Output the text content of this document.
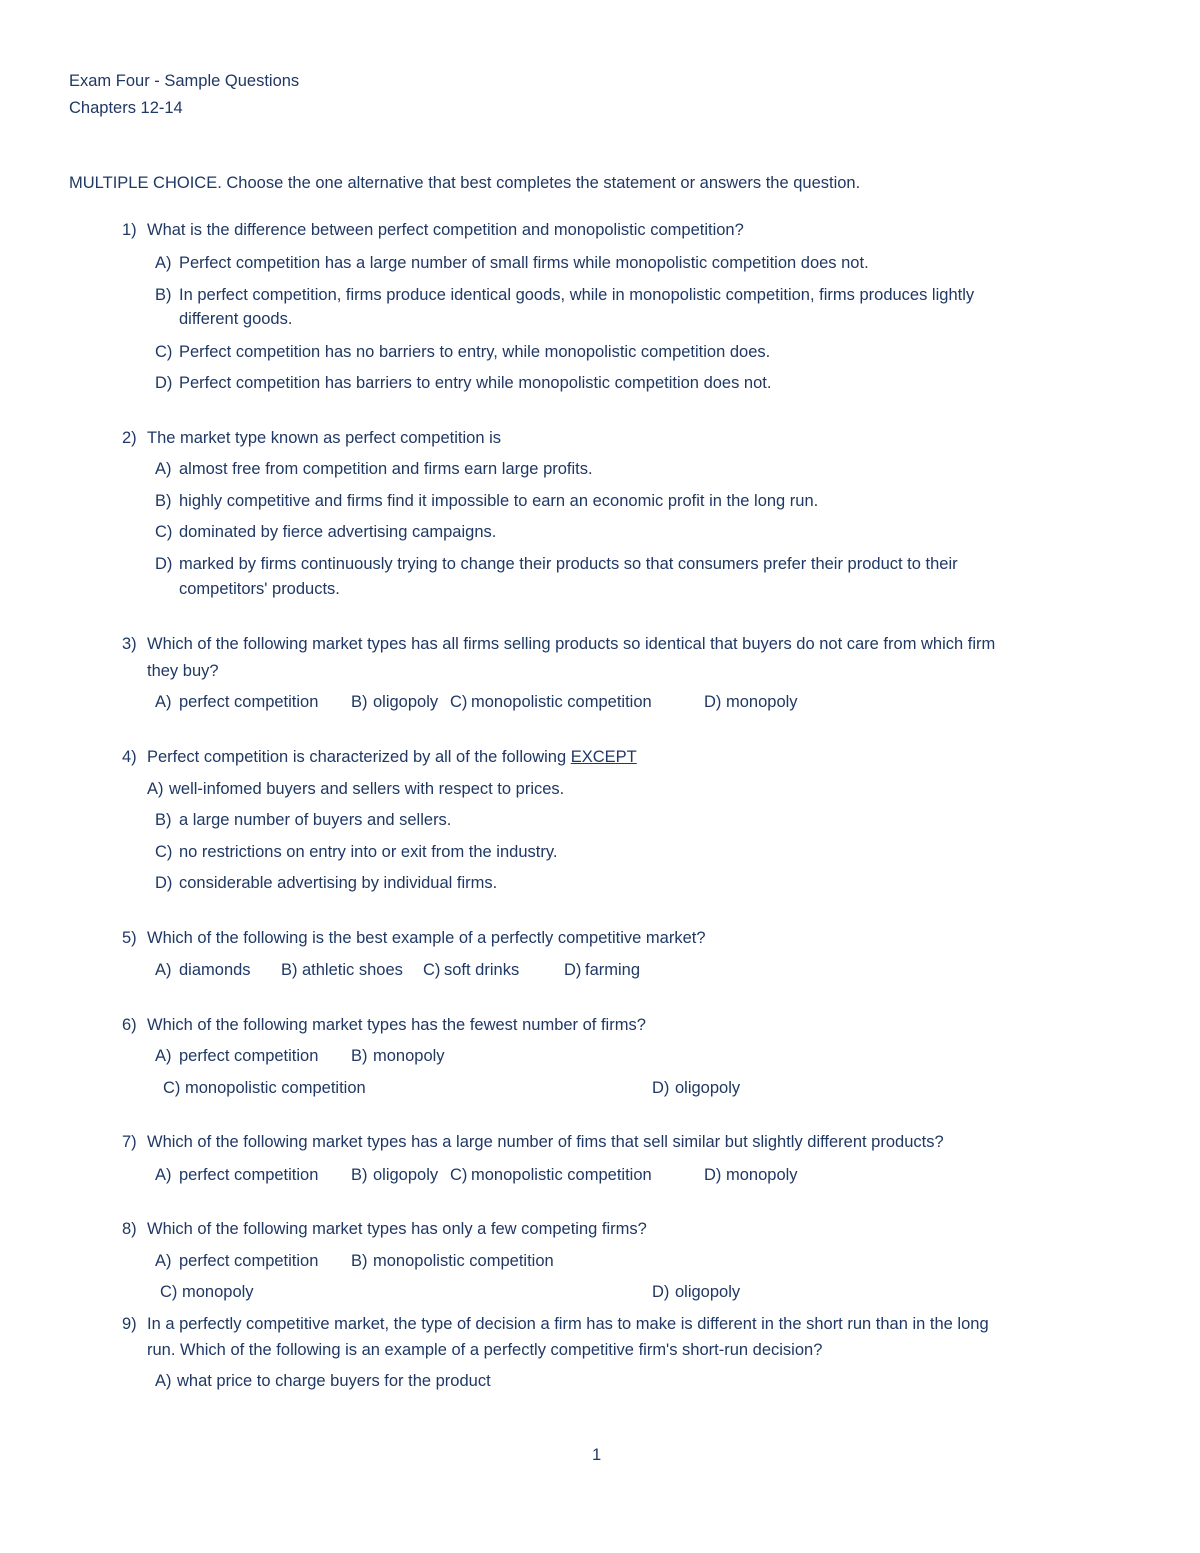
Exam Four - Sample Questions
Chapters 12-14
MULTIPLE CHOICE. Choose the one alternative that best completes the statement or answers the question.
1) What is the difference between perfect competition and monopolistic competition?
A) Perfect competition has a large number of small firms while monopolistic competition does not.
B) In perfect competition, firms produce identical goods, while in monopolistic competition, firms produces lightly
different goods.
C) Perfect competition has no barriers to entry, while monopolistic competition does.
D) Perfect competition has barriers to entry while monopolistic competition does not.
2) The market type known as perfect competition is
A) almost free from competition and firms earn large profits.
B) highly competitive and firms find it impossible to earn an economic profit in the long run.
C) dominated by fierce advertising campaigns.
D) marked by firms continuously trying to change their products so that consumers prefer their product to their
competitors' products.
3) Which of the following market types has all firms selling products so identical that buyers do not care from which firm
they buy?
A) perfect competition B) oligopoly C) monopolistic competition	D) monopoly
4) Perfect competition is characterized by all of the following EXCEPT
A) well-infomed buyers and sellers with respect to prices.
B) a large number of buyers and sellers.
C) no restrictions on entry into or exit from the industry.
D) considerable advertising by individual firms.
5) Which of the following is the best example of a perfectly competitive market?
A) diamonds B) athletic shoes C) soft drinks	D) farming
6) Which of the following market types has the fewest number of firms?
A) perfect competition B) monopoly
C) monopolistic competition	D) oligopoly
7) Which of the following market types has a large number of fims that sell similar but slightly different products?
A) perfect competition B) oligopoly C) monopolistic competition	D) monopoly
8) Which of the following market types has only a few competing firms?
A) perfect competition B) monopolistic competition
C) monopoly	D) oligopoly
9) In a perfectly competitive market, the type of decision a firm has to make is different in the short run than in the long
run. Which of the following is an example of a perfectly competitive firm's short-run decision?
A) what price to charge buyers for the product
1
